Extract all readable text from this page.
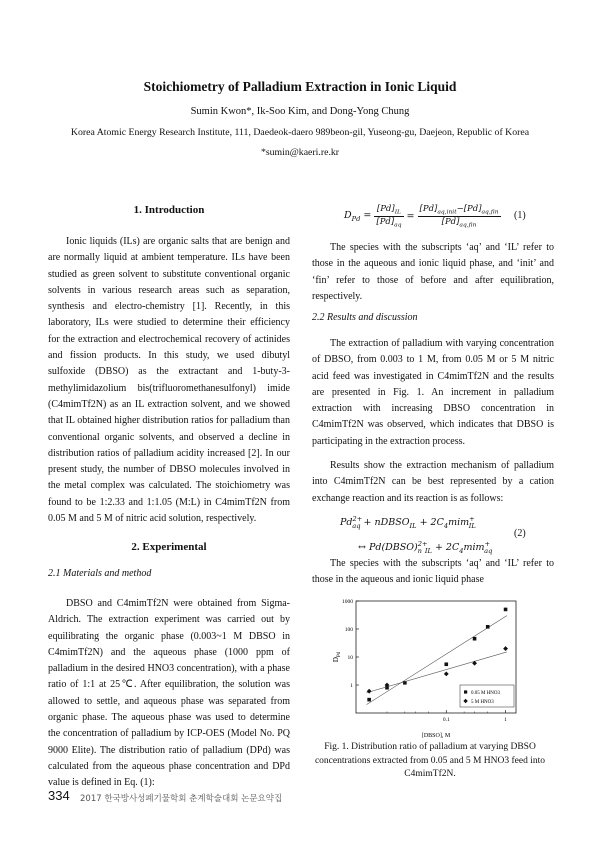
Stoichiometry of Palladium Extraction in Ionic Liquid
Sumin Kwon*, Ik-Soo Kim, and Dong-Yong Chung
Korea Atomic Energy Research Institute, 111, Daedeok-daero 989beon-gil, Yuseong-gu, Daejeon, Republic of Korea
*sumin@kaeri.re.kr
1. Introduction

Ionic liquids (ILs) are organic salts that are benign and are normally liquid at ambient temperature. ILs have been studied as green solvent to substitute conventional organic solvents in various research areas such as separation, synthesis and electro-chemistry [1]. Recently, in this laboratory, ILs were studied to determine their efficiency for the extraction and electrochemical recovery of actinides and fission products. In this study, we used dibutyl sulfoxide (DBSO) as the extractant and 1-buty-3-methylimidazolium bis(trifluoromethanesulfonyl) imide (C4mimTf2N) as an IL extraction solvent, and we showed that IL obtained higher distribution ratios for palladium than conventional organic solvents, and observed a decline in distribution ratios of palladium acidity increased [2]. In our present study, the number of DBSO molecules involved in the metal complex was calculated. The stoichiometry was found to be 1:2.33 and 1:1.05 (M:L) in C4mimTf2N from 0.05 M and 5 M of nitric acid solution, respectively.

2. Experimental
2.1 Materials and method

DBSO and C4mimTf2N were obtained from Sigma-Aldrich. The extraction experiment was carried out by equilibrating the organic phase (0.003~1 M DBSO in C4mimTf2N) and the aqueous phase (1000 ppm of palladium in the desired HNO3 concentration), with a phase ratio of 1:1 at 25℃. After equilibration, the solution was allowed to settle, and aqueous phase was separated from organic phase. The aqueous phase was used to determine the concentration of palladium by ICP-OES (Model No. PQ 9000 Elite). The distribution ratio of palladium (DPd) was calculated from the aqueous phase concentration and DPd value is defined in Eq. (1):

$D_{Pd} = \frac{[Pd]_{IL}}{[Pd]_{aq}}$ =
$[Pd]_{aq,init}-[Pd]_{aq,fin}$
$[Pd]_{aq,fin}$
(1)

The species with the subscripts ‘aq’ and ‘IL’ refer to those in the aqueous and ionic liquid phase, and ‘init’ and ‘fin’ refer to those of before and after equilibration, respectively.

2.2 Results and discussion

The extraction of palladium with varying concentration of DBSO, from 0.003 to 1 M, from 0.05 M or 5 M nitric acid feed was investigated in C4mimTf2N and the results are presented in Fig. 1. An increment in palladium extraction with increasing DBSO concentration in C4mimTf2N was observed, which indicates that DBSO is participating in the extraction process.

Results show the extraction mechanism of palladium into C4mimTf2N can be best represented by a cation exchange reaction and its reaction is as follows:

$Pd^{2+}_{aq}$ + nDBSO$_{IL}$ + $2C_4mim^+_{IL}$
↔ Pd(DBSO)$^{2+}_n$ $_{IL} + 2C_4mim^+_{aq}$
(2)

The species with the subscripts ‘aq’ and ‘IL’ refer to those in the aqueous and ionic liquid phase

1
10
100
1000
0.1	1
$D_{Pd}$
[DBSO], M
0.05 M HNO3
5 M HNO3
Fig. 1. Distribution ratio of palladium at varying DBSO concentrations extracted from 0.05 and 5 M HNO3 feed into C4mimTf2N.
334 2017 한국방사성폐기물학회 춘계학술대회 논문요약집
